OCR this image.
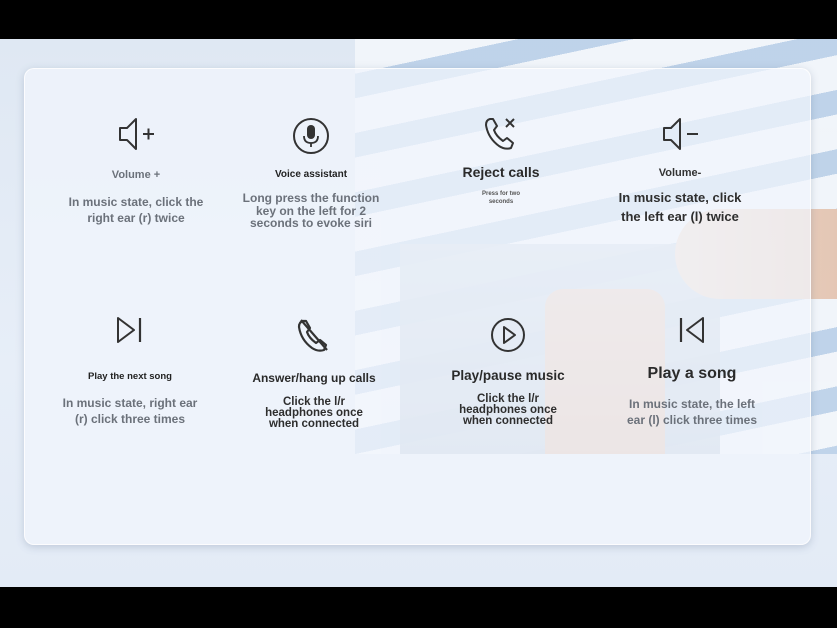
Volume +
In music state, click the right ear (r) twice
Voice assistant
Long press the function key on the left for 2 seconds to evoke siri
Reject calls
Press for two seconds
Volume-
In music state, click the left ear (l) twice
Play the next song
In music state, right ear (r) click three times
Answer/hang up calls
Click the l/r headphones once when connected
Play/pause music
Click the l/r headphones once when connected
Play a song
In music state, the left ear (l) click three times
